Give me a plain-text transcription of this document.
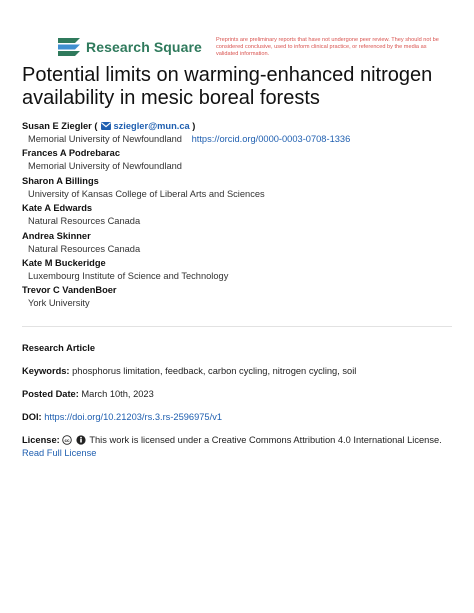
Research Square	Preprints are preliminary reports that have not undergone peer review. They should not be considered conclusive, used to inform clinical practice, or referenced by the media as validated information.
Potential limits on warming-enhanced nitrogen availability in mesic boreal forests
Susan E Ziegler ( sziegler@mun.ca )
Memorial University of Newfoundland https://orcid.org/0000-0003-0708-1336
Frances A Podrebarac
Memorial University of Newfoundland
Sharon A Billings
University of Kansas College of Liberal Arts and Sciences
Kate A Edwards
Natural Resources Canada
Andrea Skinner
Natural Resources Canada
Kate M Buckeridge
Luxembourg Institute of Science and Technology
Trevor C VandenBoer
York University
Research Article
Keywords: phosphorus limitation, feedback, carbon cycling, nitrogen cycling, soil
Posted Date: March 10th, 2023
DOI: https://doi.org/10.21203/rs.3.rs-2596975/v1
License: cc This work is licensed under a Creative Commons Attribution 4.0 International License.
Read Full License
